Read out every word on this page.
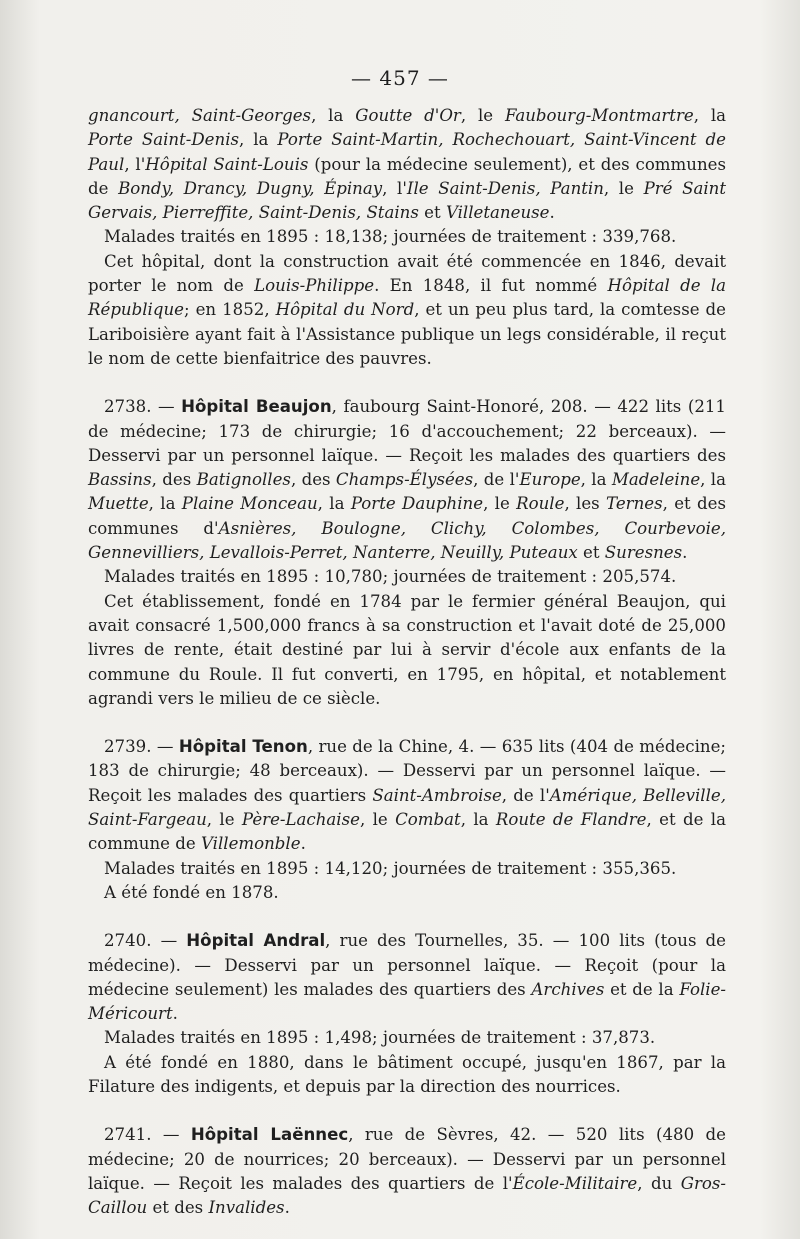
— 457 —

gnancourt, Saint-Georges, la Goutte d'Or, le Faubourg-Montmartre, la Porte Saint-Denis, la Porte Saint-Martin, Rochechouart, Saint-Vincent de Paul, l'Hôpital Saint-Louis (pour la médecine seulement), et des communes de Bondy, Drancy, Dugny, Épinay, l'Ile Saint-Denis, Pantin, le Pré Saint Gervais, Pierreffite, Saint-Denis, Stains et Villetaneuse.

Malades traités en 1895 : 18,138; journées de traitement : 339,768.

Cet hôpital, dont la construction avait été commencée en 1846, devait porter le nom de Louis-Philippe. En 1848, il fut nommé Hôpital de la République; en 1852, Hôpital du Nord, et un peu plus tard, la comtesse de Lariboisière ayant fait à l'Assistance publique un legs considérable, il reçut le nom de cette bienfaitrice des pauvres.

2738. — Hôpital Beaujon, faubourg Saint-Honoré, 208. — 422 lits (211 de médecine; 173 de chirurgie; 16 d'accouchement; 22 berceaux). — Desservi par un personnel laïque. — Reçoit les malades des quartiers des Bassins, des Batignolles, des Champs-Élysées, de l'Europe, la Madeleine, la Muette, la Plaine Monceau, la Porte Dauphine, le Roule, les Ternes, et des communes d'Asnières, Boulogne, Clichy, Colombes, Courbevoie, Gennevilliers, Levallois-Perret, Nanterre, Neuilly, Puteaux et Suresnes.

Malades traités en 1895 : 10,780; journées de traitement : 205,574.

Cet établissement, fondé en 1784 par le fermier général Beaujon, qui avait consacré 1,500,000 francs à sa construction et l'avait doté de 25,000 livres de rente, était destiné par lui à servir d'école aux enfants de la commune du Roule. Il fut converti, en 1795, en hôpital, et notablement agrandi vers le milieu de ce siècle.

2739. — Hôpital Tenon, rue de la Chine, 4. — 635 lits (404 de médecine; 183 de chirurgie; 48 berceaux). — Desservi par un personnel laïque. — Reçoit les malades des quartiers Saint-Ambroise, de l'Amérique, Belleville, Saint-Fargeau, le Père-Lachaise, le Combat, la Route de Flandre, et de la commune de Villemonble.

Malades traités en 1895 : 14,120; journées de traitement : 355,365.

A été fondé en 1878.

2740. — Hôpital Andral, rue des Tournelles, 35. — 100 lits (tous de médecine). — Desservi par un personnel laïque. — Reçoit (pour la médecine seulement) les malades des quartiers des Archives et de la Folie-Méricourt.

Malades traités en 1895 : 1,498; journées de traitement : 37,873.

A été fondé en 1880, dans le bâtiment occupé, jusqu'en 1867, par la Filature des indigents, et depuis par la direction des nourrices.

2741. — Hôpital Laënnec, rue de Sèvres, 42. — 520 lits (480 de médecine; 20 de nourrices; 20 berceaux). — Desservi par un personnel laïque. — Reçoit les malades des quartiers de l'École-Militaire, du Gros-Caillou et des Invalides.
